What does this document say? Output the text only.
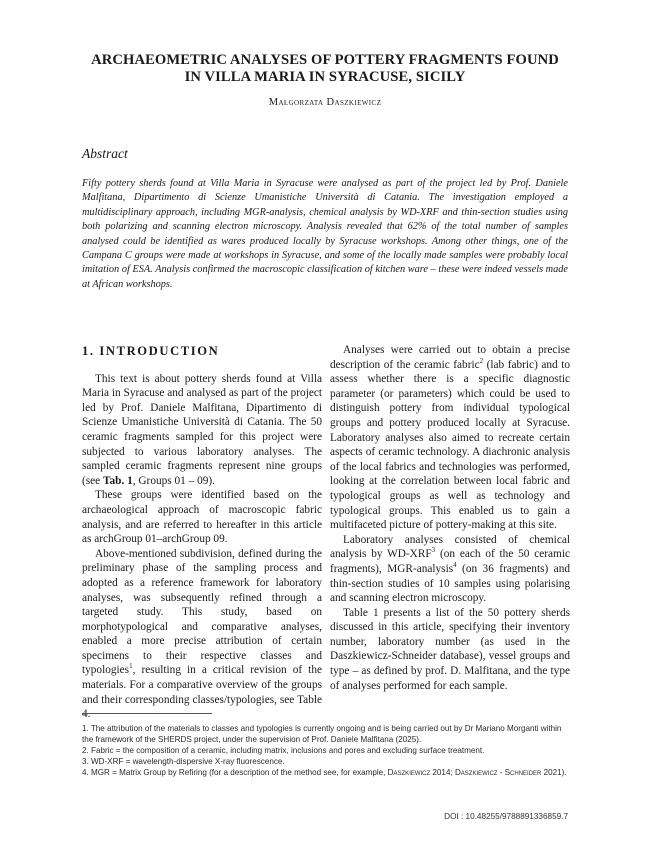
ARCHAEOMETRIC ANALYSES OF POTTERY FRAGMENTS FOUND
IN VILLA MARIA IN SYRACUSE, SICILY
Małgorzata Daszkiewicz
Abstract
Fifty pottery sherds found at Villa Maria in Syracuse were analysed as part of the project led by Prof. Daniele Malfitana, Dipartimento di Scienze Umanistiche Università di Catania. The investigation employed a multidisciplinary approach, including MGR-analysis, chemical analysis by WD-XRF and thin-section studies using both polarizing and scanning electron microscopy. Analysis revealed that 62% of the total number of samples analysed could be identified as wares produced locally by Syracuse workshops. Among other things, one of the Campana C groups were made at workshops in Syracuse, and some of the locally made samples were probably local imitation of ESA. Analysis confirmed the macroscopic classification of kitchen ware – these were indeed vessels made at African workshops.
1. INTRODUCTION

This text is about pottery sherds found at Villa Maria in Syracuse and analysed as part of the project led by Prof. Daniele Malfitana, Dipartimento di Scienze Umanistiche Università di Catania. The 50 ceramic fragments sampled for this project were subjected to various laboratory analyses. The sampled ceramic fragments represent nine groups (see Tab. 1, Groups 01 – 09).

These groups were identified based on the archaeological approach of macroscopic fabric analysis, and are referred to hereafter in this article as archGroup 01–archGroup 09.

Above-mentioned subdivision, defined during the preliminary phase of the sampling process and adopted as a reference framework for laboratory analyses, was subsequently refined through a targeted study. This study, based on morphotypological and comparative analyses, enabled a more precise attribution of certain specimens to their respective classes and typologies$^1$, resulting in a critical revision of the materials. For a comparative overview of the groups and their corresponding classes/typologies, see Table 4.

Analyses were carried out to obtain a precise description of the ceramic fabric$^2$ (lab fabric) and to assess whether there is a specific diagnostic parameter (or parameters) which could be used to distinguish pottery from individual typological groups and pottery produced locally at Syracuse. Laboratory analyses also aimed to recreate certain aspects of ceramic technology. A diachronic analysis of the local fabrics and technologies was performed, looking at the correlation between local fabric and typological groups as well as technology and typological groups. This enabled us to gain a multifaceted picture of pottery-making at this site.

Laboratory analyses consisted of chemical analysis by WD-XRF$^3$ (on each of the 50 ceramic fragments), MGR-analysis$^4$ (on 36 fragments) and thin-section studies of 10 samples using polarising and scanning electron microscopy.

Table 1 presents a list of the 50 pottery sherds discussed in this article, specifying their inventory number, laboratory number (as used in the Daszkiewicz-Schneider database), vessel groups and type – as defined by prof. D. Malfitana, and the type of analyses performed for each sample.

1. The attribution of the materials to classes and typologies is currently ongoing and is being carried out by Dr Mariano Morganti within the framework of the SHERDS project, under the supervision of Prof. Daniele Malfitana (2025).
2. Fabric = the composition of a ceramic, including matrix, inclusions and pores and excluding surface treatment.
3. WD-XRF = wavelength-dispersive X-ray fluorescence.
4. MGR = Matrix Group by Refiring (for a description of the method see, for example, Daszkiewicz 2014; Daszkiewicz - Schneider 2021).
DOI : 10.48255/9788891336859.7
